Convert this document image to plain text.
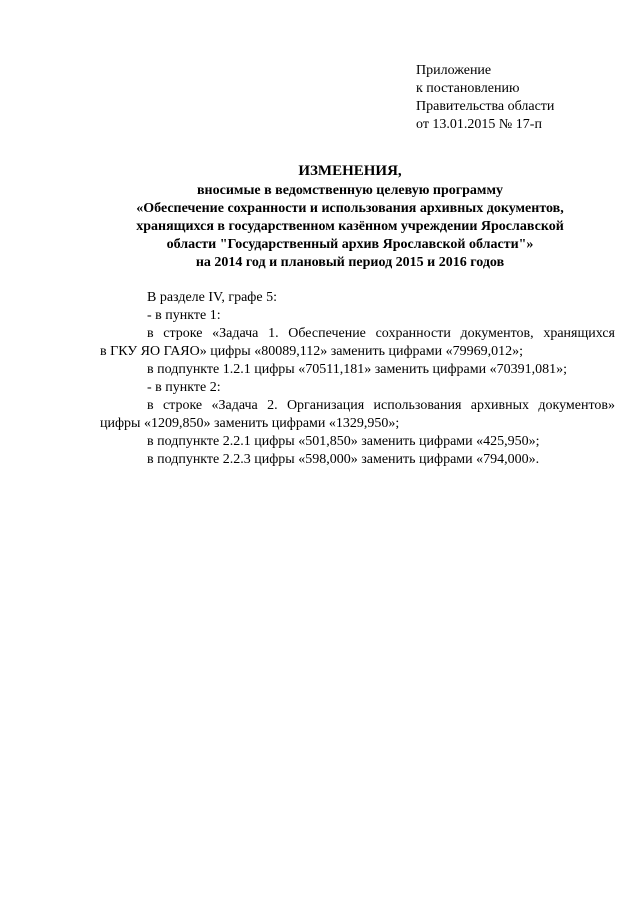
Приложение
к постановлению
Правительства области
от 13.01.2015 № 17-п
ИЗМЕНЕНИЯ,
вносимые в ведомственную целевую программу
«Обеспечение сохранности и использования архивных документов,
хранящихся в государственном казённом учреждении Ярославской
области "Государственный архив Ярославской области"»
на 2014 год и плановый период 2015 и 2016 годов
В разделе IV, графе 5:
- в пункте 1:
в строке «Задача 1. Обеспечение сохранности документов, хранящихся
в ГКУ ЯО ГАЯО» цифры «80089,112» заменить цифрами «79969,012»;
в подпункте 1.2.1 цифры «70511,181» заменить цифрами «70391,081»;
- в пункте 2:
в строке «Задача 2. Организация использования архивных документов»
цифры «1209,850» заменить цифрами «1329,950»;
в подпункте 2.2.1 цифры «501,850» заменить цифрами «425,950»;
в подпункте 2.2.3 цифры «598,000» заменить цифрами «794,000».
